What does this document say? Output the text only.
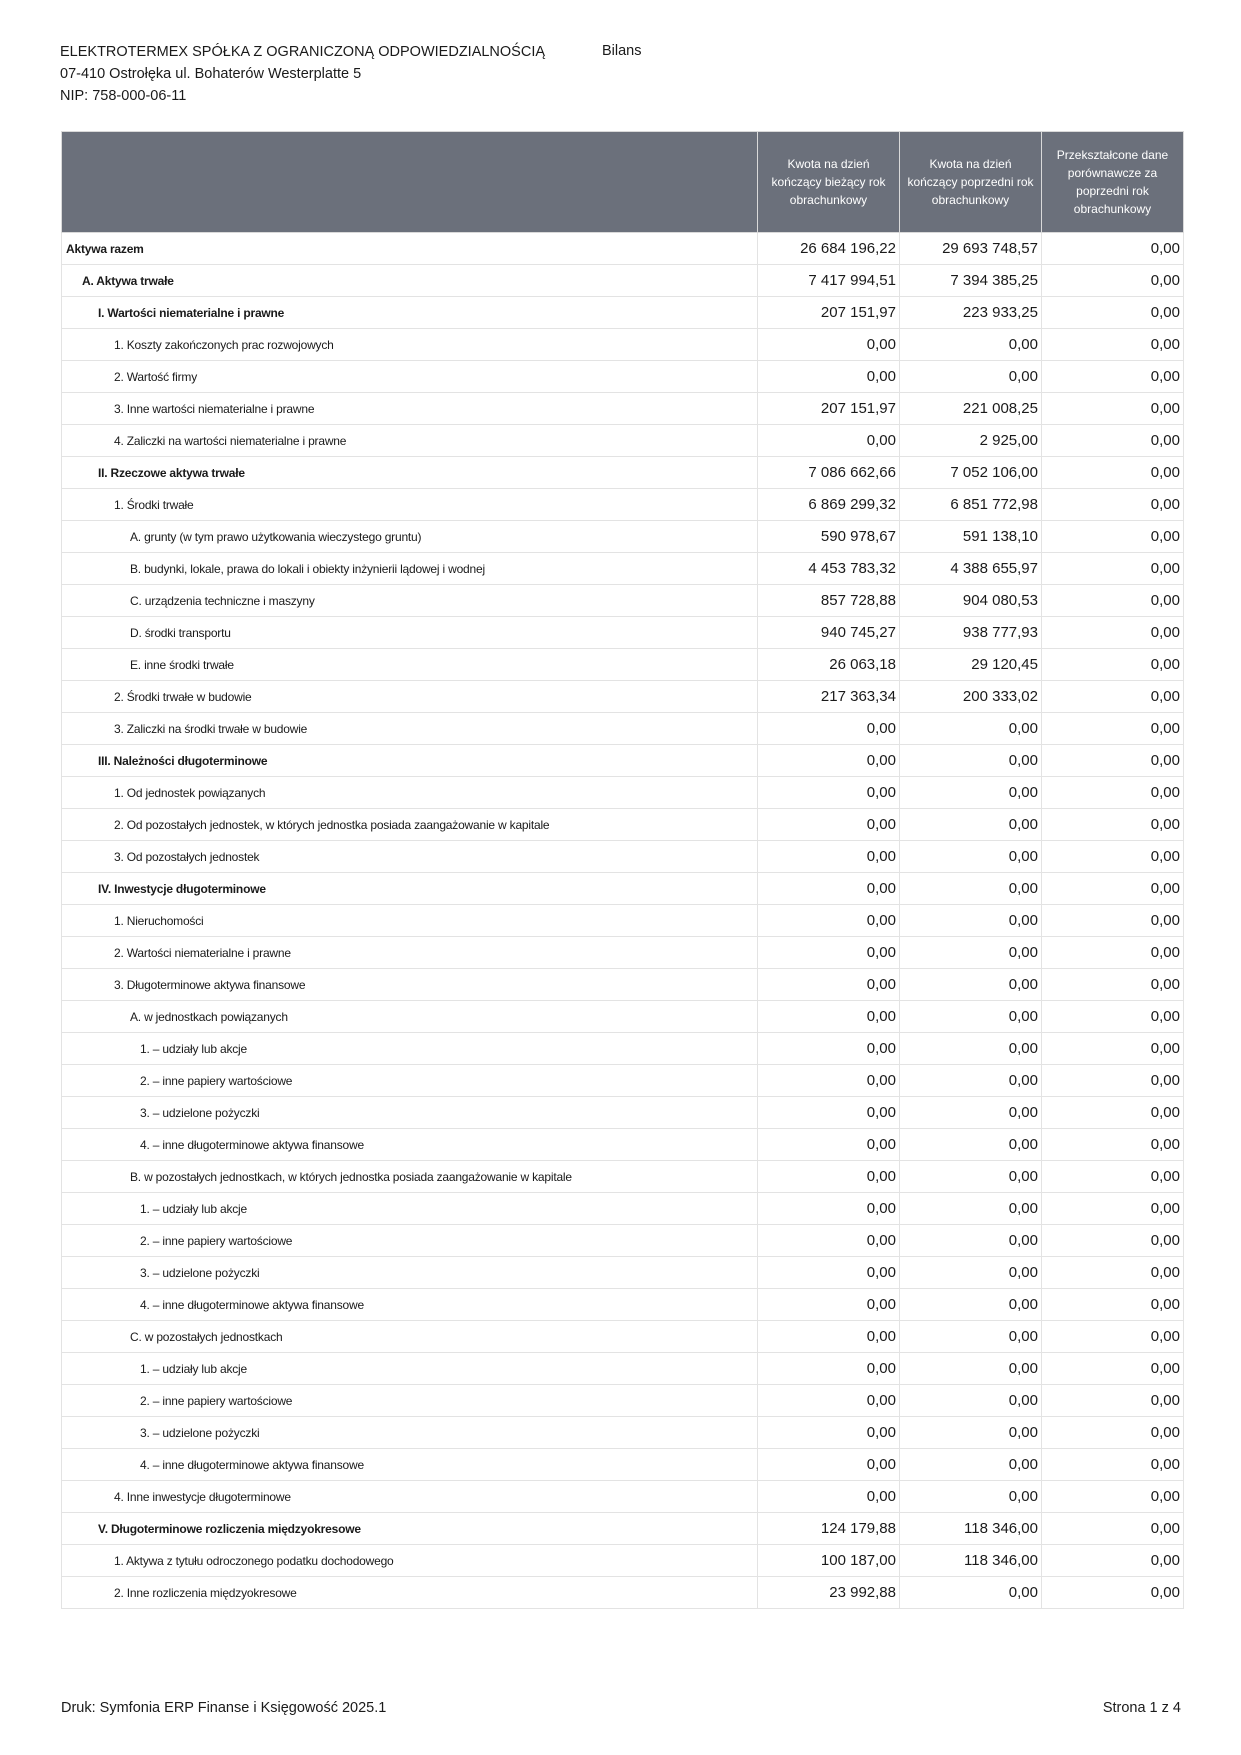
ELEKTROTERMEX SPÓŁKA Z OGRANICZONĄ ODPOWIEDZIALNOŚCIĄ
07-410 Ostrołęka ul. Bohaterów Westerplatte 5
NIP: 758-000-06-11
Bilans
	Kwota na dzień kończący bieżący rok obrachunkowy	Kwota na dzień kończący poprzedni rok obrachunkowy	Przekształcone dane porównawcze za poprzedni rok obrachunkowy
Aktywa razem	26 684 196,22	29 693 748,57	0,00
A. Aktywa trwałe	7 417 994,51	7 394 385,25	0,00
I. Wartości niematerialne i prawne	207 151,97	223 933,25	0,00
1. Koszty zakończonych prac rozwojowych	0,00	0,00	0,00
2. Wartość firmy	0,00	0,00	0,00
3. Inne wartości niematerialne i prawne	207 151,97	221 008,25	0,00
4. Zaliczki na wartości niematerialne i prawne	0,00	2 925,00	0,00
II. Rzeczowe aktywa trwałe	7 086 662,66	7 052 106,00	0,00
1. Środki trwałe	6 869 299,32	6 851 772,98	0,00
A. grunty (w tym prawo użytkowania wieczystego gruntu)	590 978,67	591 138,10	0,00
B. budynki, lokale, prawa do lokali i obiekty inżynierii lądowej i wodnej	4 453 783,32	4 388 655,97	0,00
C. urządzenia techniczne i maszyny	857 728,88	904 080,53	0,00
D. środki transportu	940 745,27	938 777,93	0,00
E. inne środki trwałe	26 063,18	29 120,45	0,00
2. Środki trwałe w budowie	217 363,34	200 333,02	0,00
3. Zaliczki na środki trwałe w budowie	0,00	0,00	0,00
III. Należności długoterminowe	0,00	0,00	0,00
1. Od jednostek powiązanych	0,00	0,00	0,00
2. Od pozostałych jednostek, w których jednostka posiada zaangażowanie w kapitale	0,00	0,00	0,00
3. Od pozostałych jednostek	0,00	0,00	0,00
IV. Inwestycje długoterminowe	0,00	0,00	0,00
1. Nieruchomości	0,00	0,00	0,00
2. Wartości niematerialne i prawne	0,00	0,00	0,00
3. Długoterminowe aktywa finansowe	0,00	0,00	0,00
A. w jednostkach powiązanych	0,00	0,00	0,00
1. – udziały lub akcje	0,00	0,00	0,00
2. – inne papiery wartościowe	0,00	0,00	0,00
3. – udzielone pożyczki	0,00	0,00	0,00
4. – inne długoterminowe aktywa finansowe	0,00	0,00	0,00
B. w pozostałych jednostkach, w których jednostka posiada zaangażowanie w kapitale	0,00	0,00	0,00
1. – udziały lub akcje	0,00	0,00	0,00
2. – inne papiery wartościowe	0,00	0,00	0,00
3. – udzielone pożyczki	0,00	0,00	0,00
4. – inne długoterminowe aktywa finansowe	0,00	0,00	0,00
C. w pozostałych jednostkach	0,00	0,00	0,00
1. – udziały lub akcje	0,00	0,00	0,00
2. – inne papiery wartościowe	0,00	0,00	0,00
3. – udzielone pożyczki	0,00	0,00	0,00
4. – inne długoterminowe aktywa finansowe	0,00	0,00	0,00
4. Inne inwestycje długoterminowe	0,00	0,00	0,00
V. Długoterminowe rozliczenia międzyokresowe	124 179,88	118 346,00	0,00
1. Aktywa z tytułu odroczonego podatku dochodowego	100 187,00	118 346,00	0,00
2. Inne rozliczenia międzyokresowe	23 992,88	0,00	0,00
Druk: Symfonia ERP Finanse i Księgowość 2025.1	Strona 1 z 4
